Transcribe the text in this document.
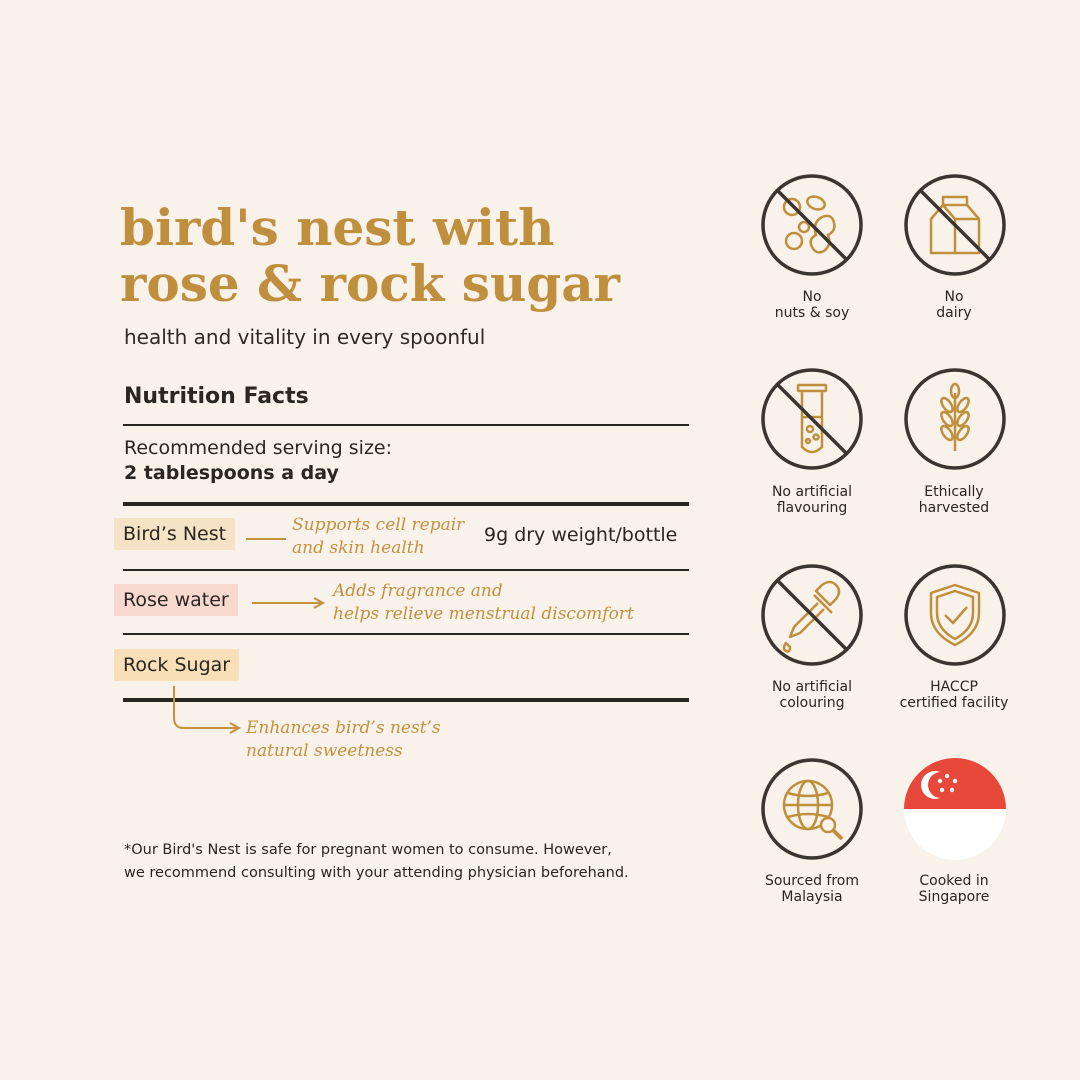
bird's nest with
rose & rock sugar
health and vitality in every spoonful
Nutrition Facts
Recommended serving size:
2 tablespoons a day
Bird’s Nest	Supports cell repair
and skin health
9g dry weight/bottle
Rose water	Adds fragrance and
helps relieve menstrual discomfort
Rock Sugar
Enhances bird’s nest’s
natural sweetness
*Our Bird's Nest is safe for pregnant women to consume. However,
we recommend consulting with your attending physician beforehand.
No
nuts & soy
No
dairy
No artificial
flavouring
Ethically
harvested
No artificial
colouring
HACCP
certified facility
Sourced from
Malaysia
Cooked in
Singapore
